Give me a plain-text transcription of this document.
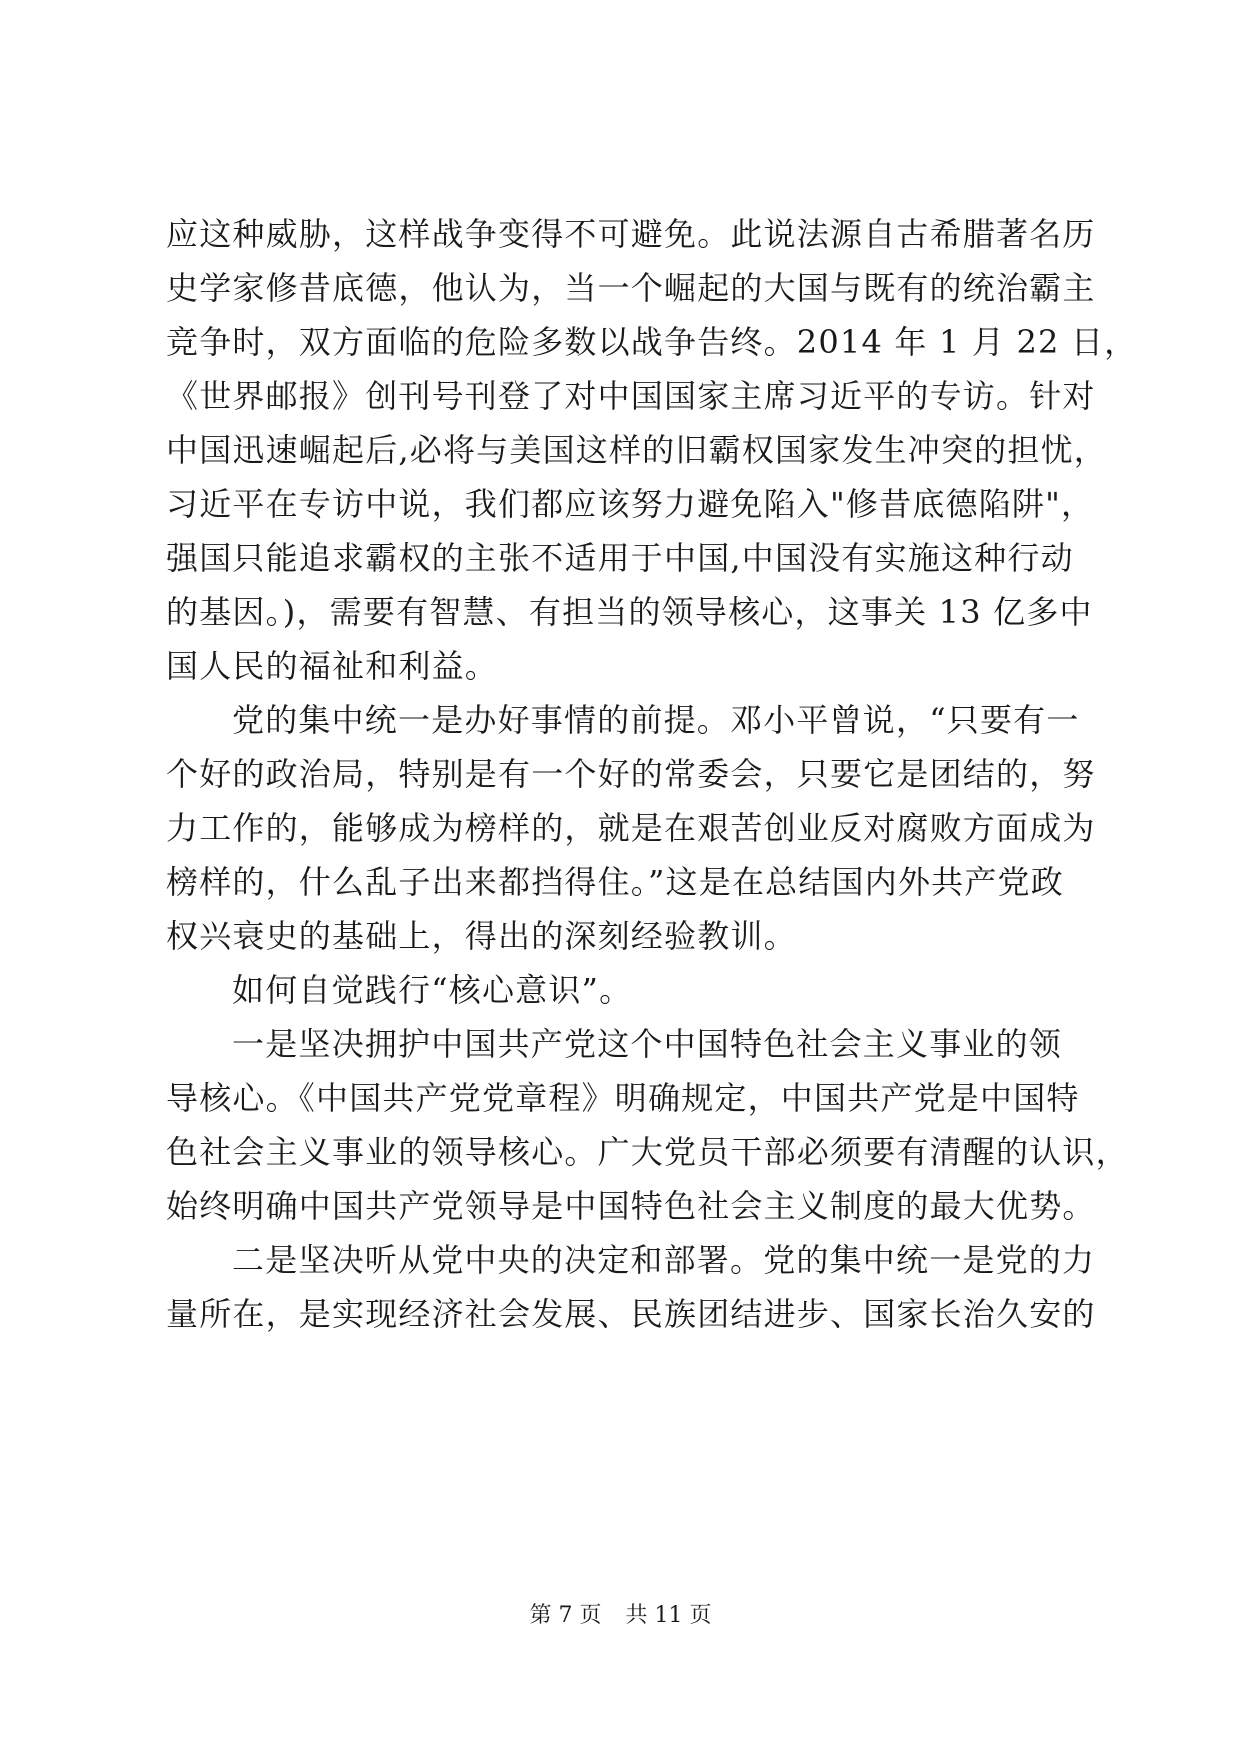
应这种威胁，这样战争变得不可避免。此说法源自古希腊著名历
史学家修昔底德，他认为，当一个崛起的大国与既有的统治霸主
竞争时，双方面临的危险多数以战争告终。2014 年 1 月 22 日，
《世界邮报》创刊号刊登了对中国国家主席习近平的专访。针对
中国迅速崛起后,必将与美国这样的旧霸权国家发生冲突的担忧，
习近平在专访中说，我们都应该努力避免陷入"修昔底德陷阱"，
强国只能追求霸权的主张不适用于中国,中国没有实施这种行动
的基因。)，需要有智慧、有担当的领导核心，这事关 13 亿多中
国人民的福祉和利益。
党的集中统一是办好事情的前提。邓小平曾说，“只要有一
个好的政治局，特别是有一个好的常委会，只要它是团结的，努
力工作的，能够成为榜样的，就是在艰苦创业反对腐败方面成为
榜样的，什么乱子出来都挡得住。”这是在总结国内外共产党政
权兴衰史的基础上，得出的深刻经验教训。
如何自觉践行“核心意识”。
一是坚决拥护中国共产党这个中国特色社会主义事业的领
导核心。《中国共产党党章程》明确规定，中国共产党是中国特
色社会主义事业的领导核心。广大党员干部必须要有清醒的认识，
始终明确中国共产党领导是中国特色社会主义制度的最大优势。
二是坚决听从党中央的决定和部署。党的集中统一是党的力
量所在，是实现经济社会发展、民族团结进步、国家长治久安的
第 7 页 共 11 页
